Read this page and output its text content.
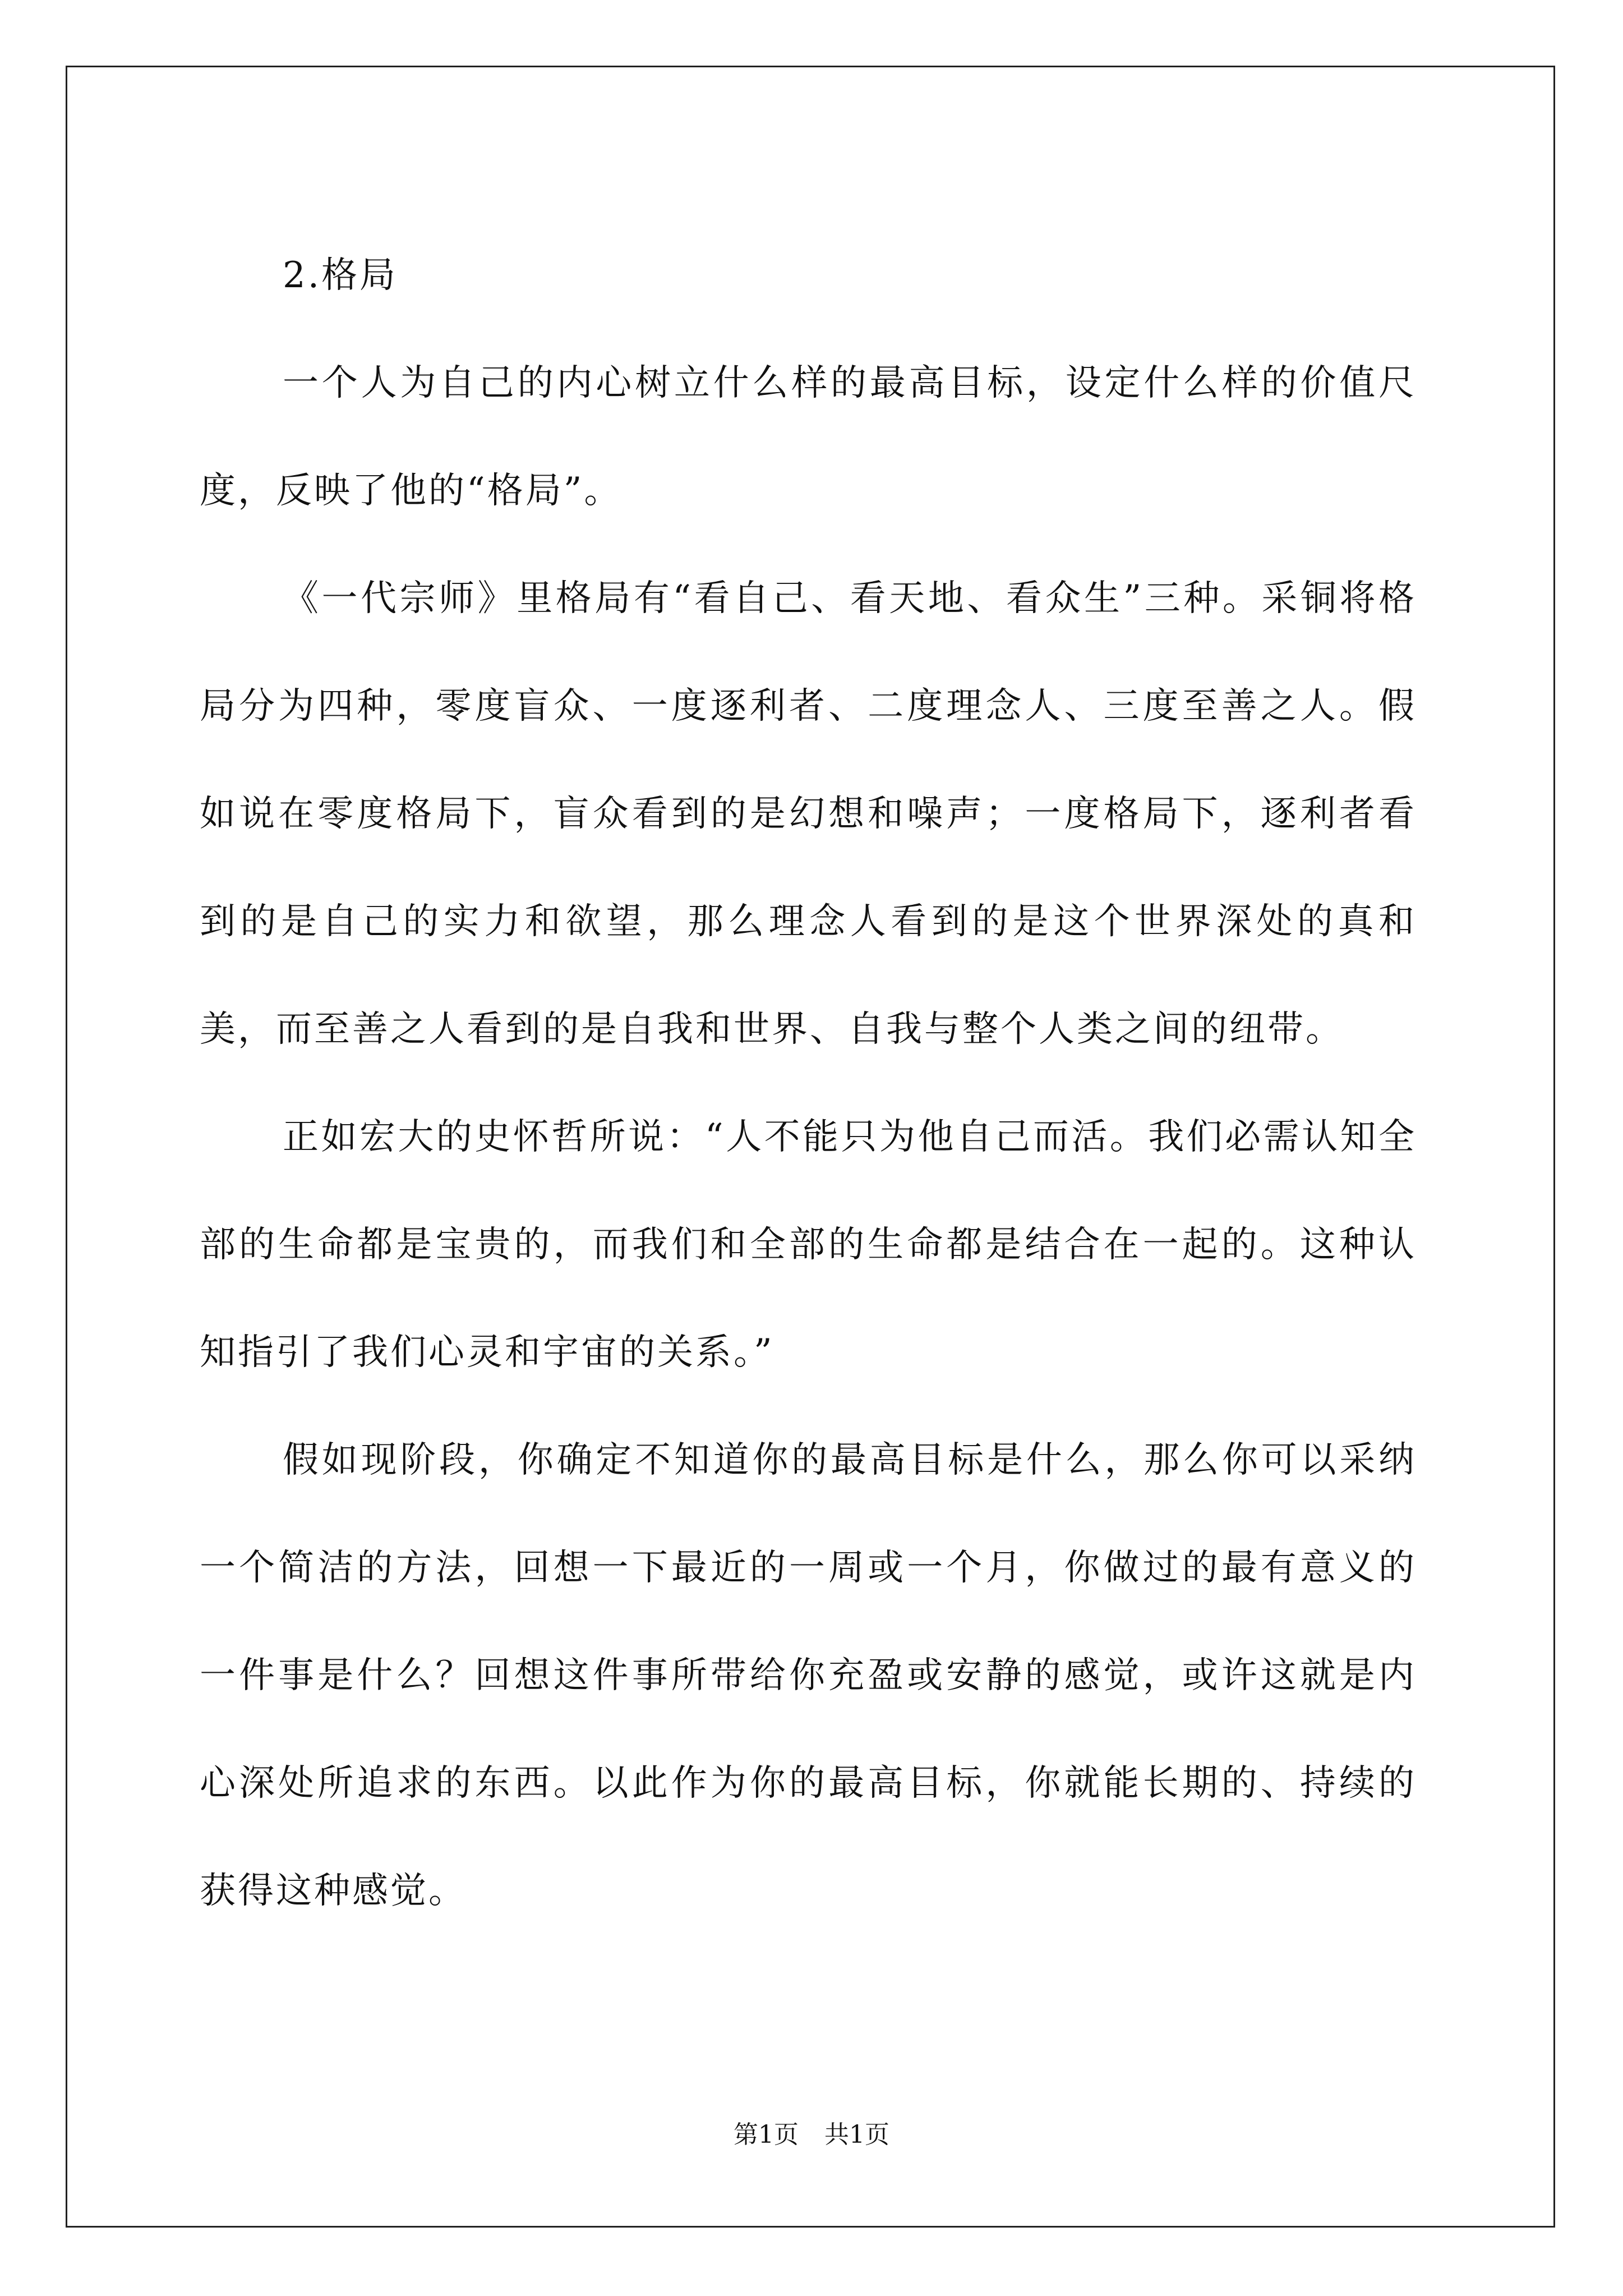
2.格局

一个人为自己的内心树立什么样的最高目标，设定什么样的价值尺度，反映了他的“格局”。

《一代宗师》里格局有“看自己、看天地、看众生”三种。采铜将格局分为四种，零度盲众、一度逐利者、二度理念人、三度至善之人。假如说在零度格局下，盲众看到的是幻想和噪声；一度格局下，逐利者看到的是自己的实力和欲望，那么理念人看到的是这个世界深处的真和美，而至善之人看到的是自我和世界、自我与整个人类之间的纽带。

正如宏大的史怀哲所说：“人不能只为他自己而活。我们必需认知全部的生命都是宝贵的，而我们和全部的生命都是结合在一起的。这种认知指引了我们心灵和宇宙的关系。”

假如现阶段，你确定不知道你的最高目标是什么，那么你可以采纳一个简洁的方法，回想一下最近的一周或一个月，你做过的最有意义的一件事是什么？回想这件事所带给你充盈或安静的感觉，或许这就是内心深处所追求的东西。以此作为你的最高目标，你就能长期的、持续的获得这种感觉。

第1页 共1页
